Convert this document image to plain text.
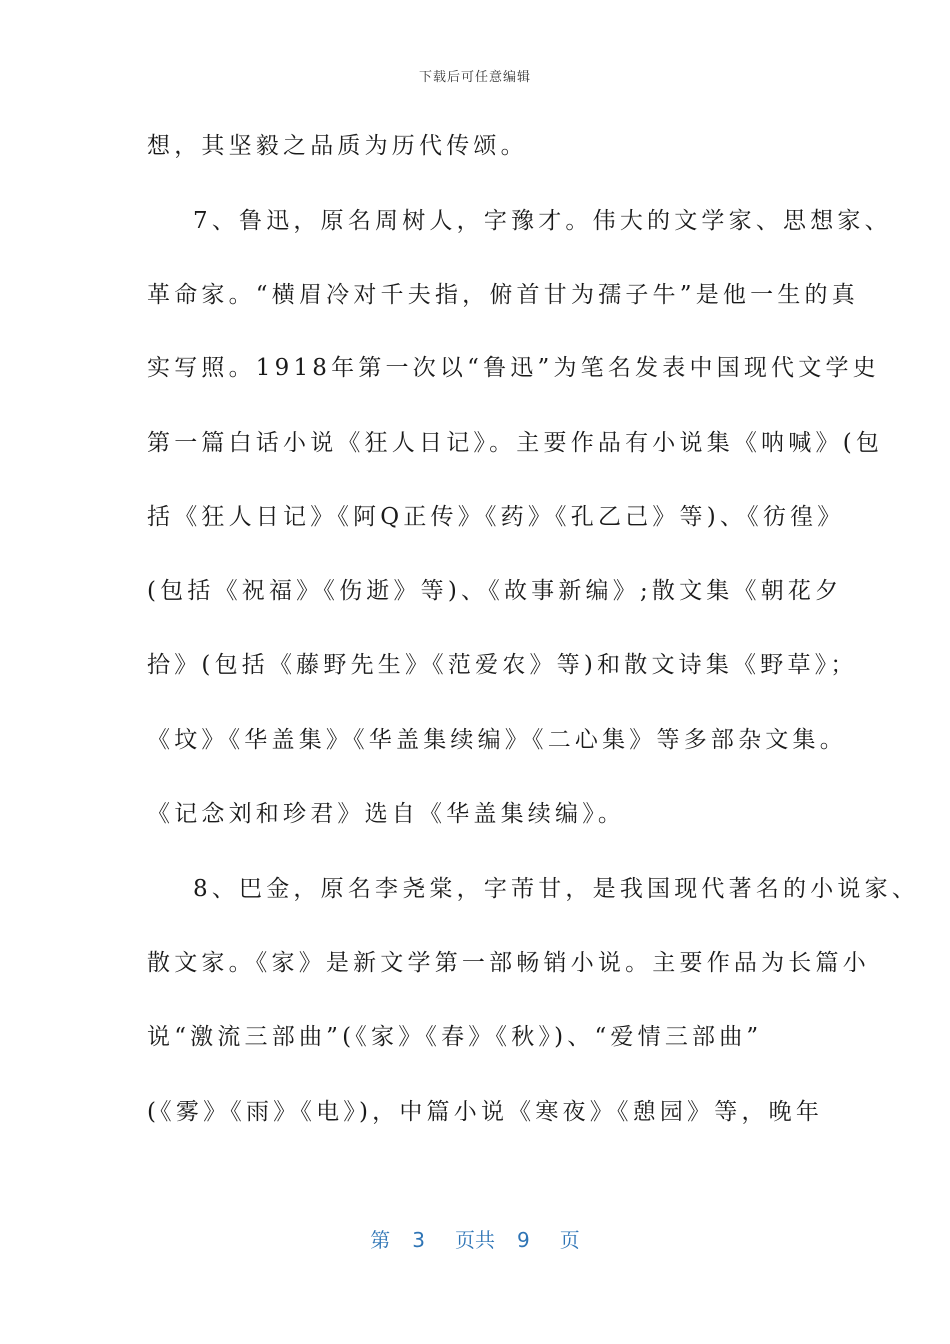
下载后可任意编辑
想，其坚毅之品质为历代传颂。
7、鲁迅，原名周树人，字豫才。伟大的文学家、思想家、
革命家。“横眉冷对千夫指，俯首甘为孺子牛”是他一生的真
实写照。1918年第一次以“鲁迅”为笔名发表中国现代文学史
第一篇白话小说《狂人日记》。主要作品有小说集《呐喊》(包
括《狂人日记》《阿Q正传》《药》《孔乙己》等)、《彷徨》
(包括《祝福》《伤逝》等)、《故事新编》;散文集《朝花夕
拾》(包括《藤野先生》《范爱农》等)和散文诗集《野草》；
《坟》《华盖集》《华盖集续编》《二心集》等多部杂文集。
《记念刘和珍君》选自《华盖集续编》。
8、巴金，原名李尧棠，字芾甘，是我国现代著名的小说家、
散文家。《家》是新文学第一部畅销小说。主要作品为长篇小
说“激流三部曲”(《家》《春》《秋》)、“爱情三部曲”
(《雾》《雨》《电》)，中篇小说《寒夜》《憩园》等，晚年
第 3 页共 9 页
